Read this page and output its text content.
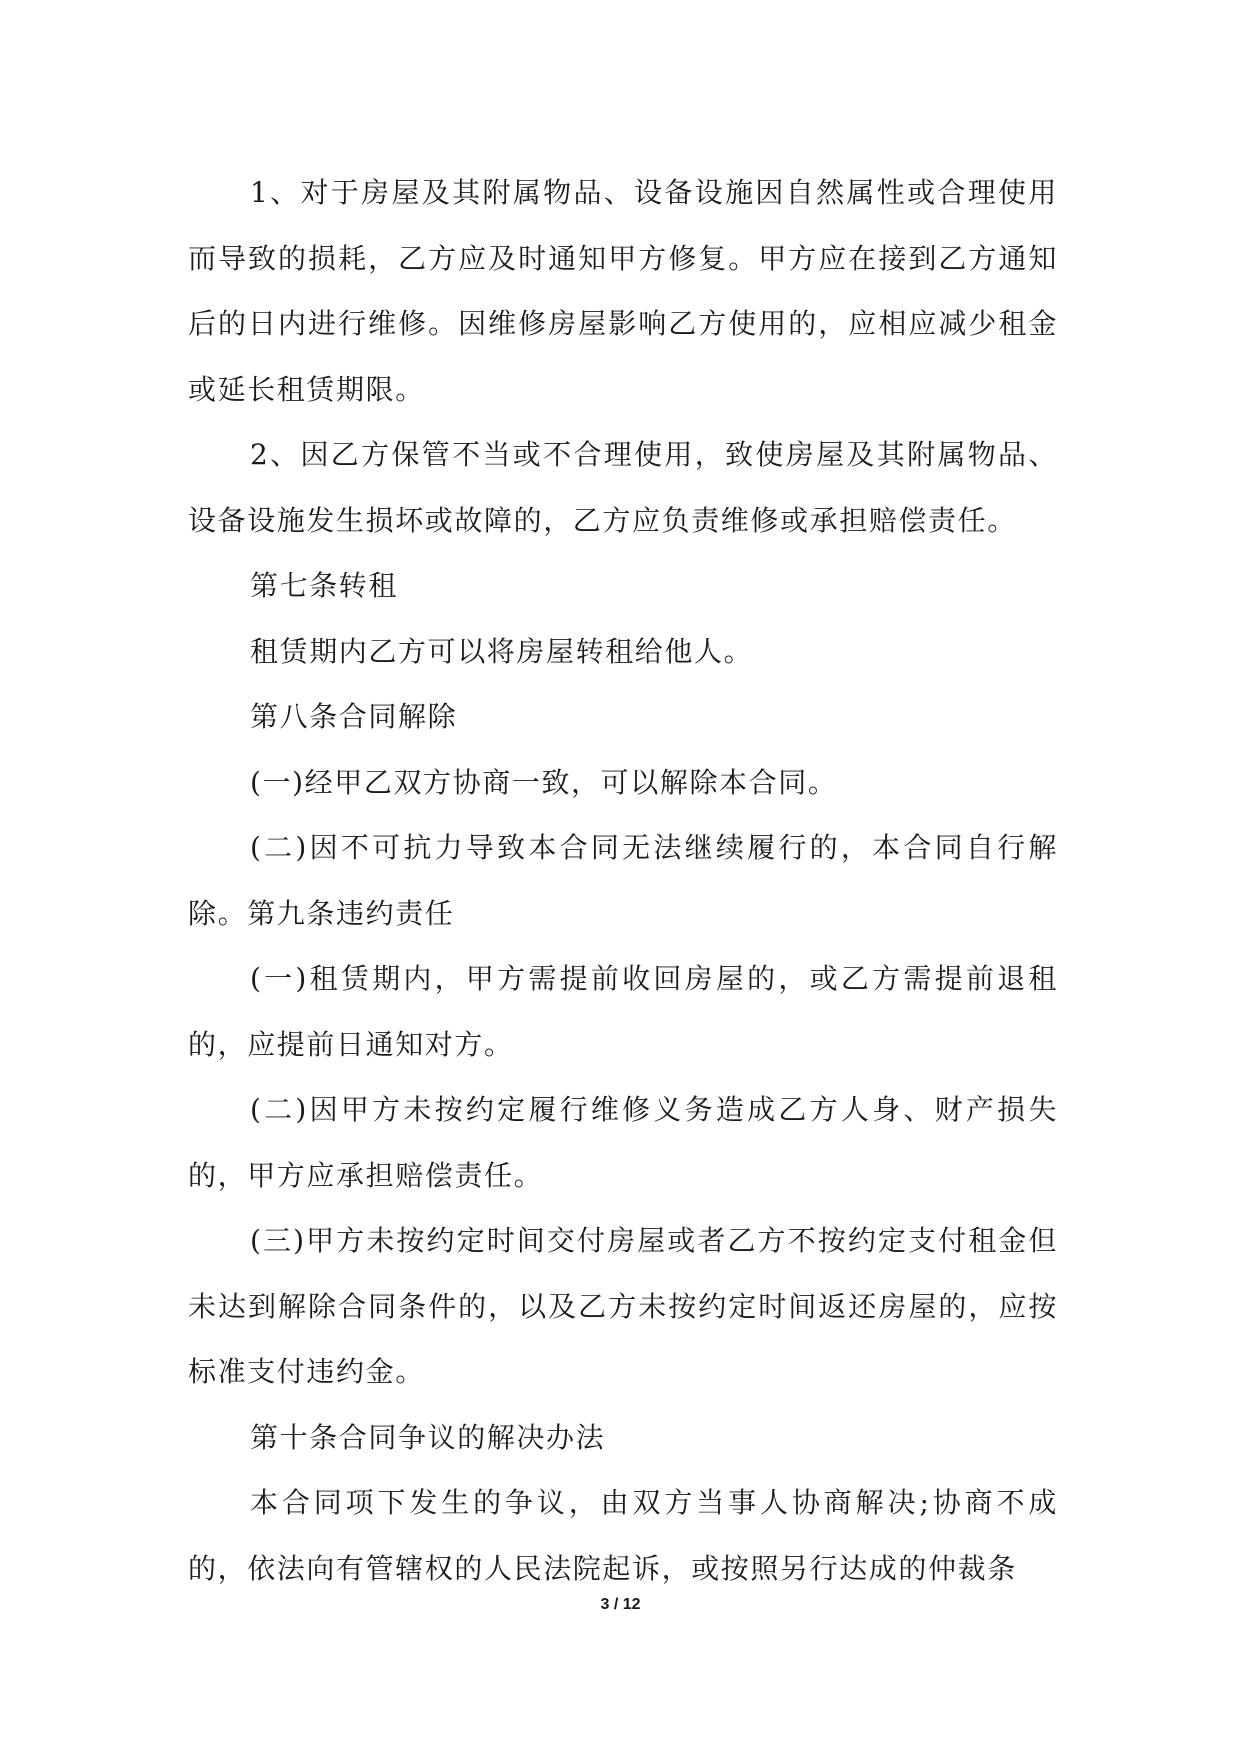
1、对于房屋及其附属物品、设备设施因自然属性或合理使用而导致的损耗，乙方应及时通知甲方修复。甲方应在接到乙方通知后的日内进行维修。因维修房屋影响乙方使用的，应相应减少租金或延长租赁期限。

2、因乙方保管不当或不合理使用，致使房屋及其附属物品、设备设施发生损坏或故障的，乙方应负责维修或承担赔偿责任。

第七条转租

租赁期内乙方可以将房屋转租给他人。

第八条合同解除

(一)经甲乙双方协商一致，可以解除本合同。

(二)因不可抗力导致本合同无法继续履行的，本合同自行解除。第九条违约责任

(一)租赁期内，甲方需提前收回房屋的，或乙方需提前退租的，应提前日通知对方。

(二)因甲方未按约定履行维修义务造成乙方人身、财产损失的，甲方应承担赔偿责任。

(三)甲方未按约定时间交付房屋或者乙方不按约定支付租金但未达到解除合同条件的，以及乙方未按约定时间返还房屋的，应按标准支付违约金。

第十条合同争议的解决办法

本合同项下发生的争议，由双方当事人协商解决;协商不成的，依法向有管辖权的人民法院起诉，或按照另行达成的仲裁条

3 / 12
